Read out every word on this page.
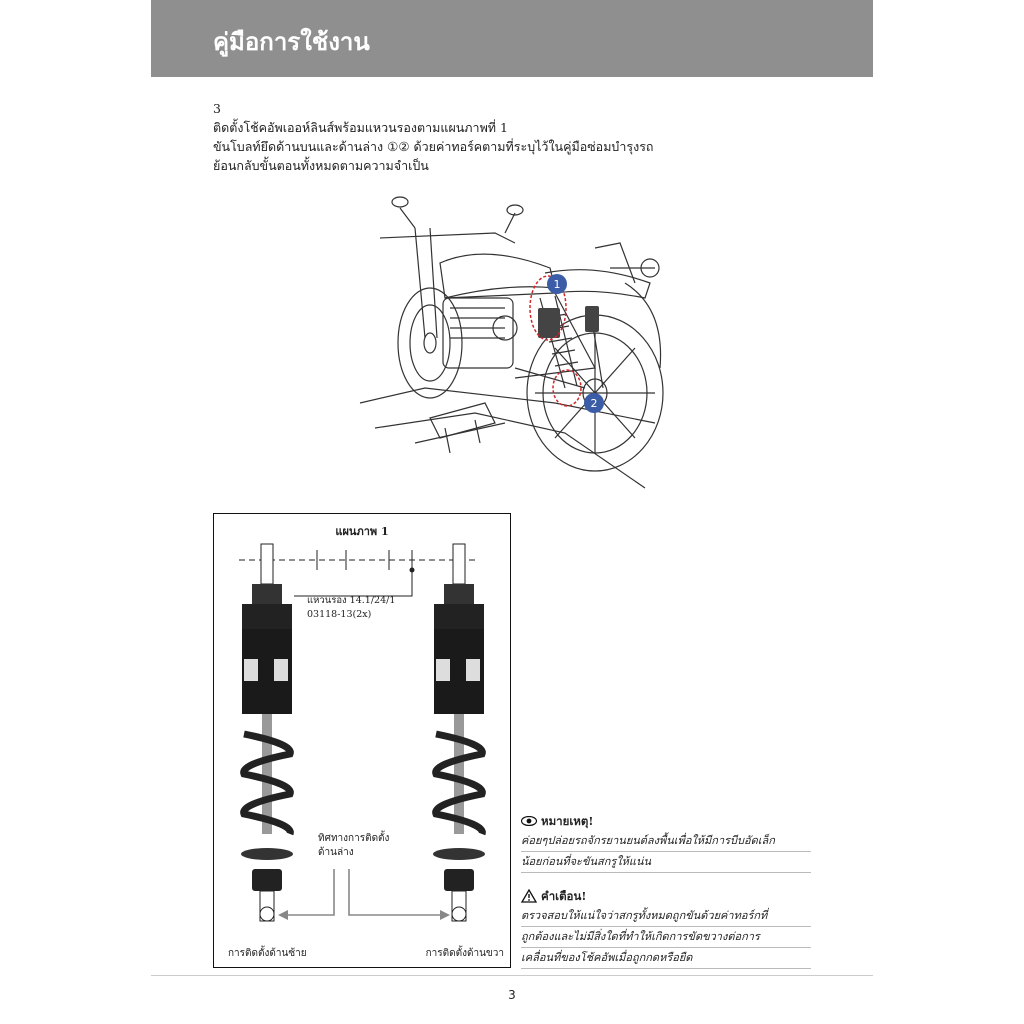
คู่มือการใช้งาน
3
ติดตั้งโช้คอัพเออห์ลินส์พร้อมแหวนรองตามแผนภาพที่ 1
ขันโบลท์ยึดด้านบนและด้านล่าง ①② ด้วยค่าทอร์คตามที่ระบุไว้ในคู่มือซ่อมบำรุงรถ
ย้อนกลับขั้นตอนทั้งหมดตามความจำเป็น
1
2
แผนภาพ 1
แหวนรอง 14.1/24/1
03118-13(2x)
ทิศทางการติดตั้ง
ด้านล่าง
การติดตั้งด้านซ้าย	การติดตั้งด้านขวา
หมายเหตุ!
ค่อยๆปล่อยรถจักรยานยนต์ลงพื้นเพื่อให้มีการบีบอัดเล็ก
น้อยก่อนที่จะขันสกรูให้แน่น
คำเตือน!
ตรวจสอบให้แน่ใจว่าสกรูทั้งหมดถูกขันด้วยค่าทอร์กที่
ถูกต้องและไม่มีสิ่งใดที่ทำให้เกิดการขัดขวางต่อการ
เคลื่อนที่ของโช้คอัพเมื่อถูกกดหรือยืด
3
